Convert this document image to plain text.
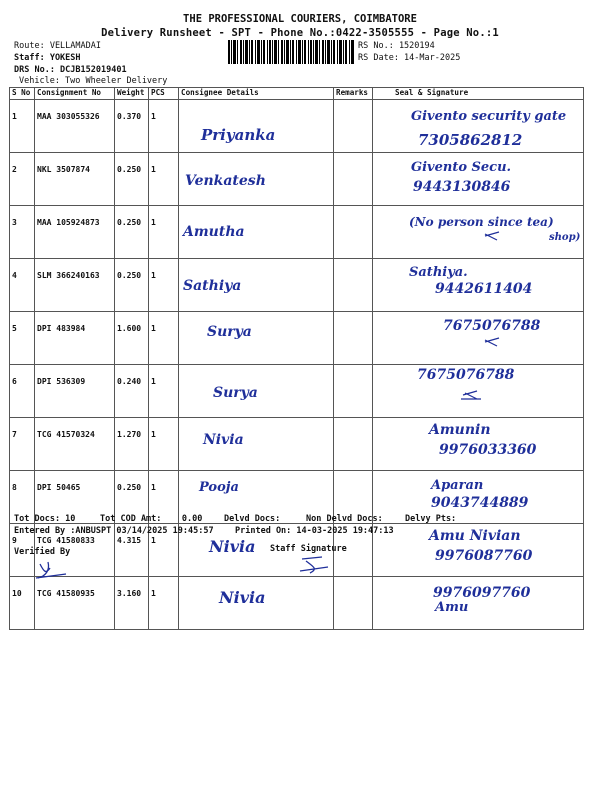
THE PROFESSIONAL COURIERS, COIMBATORE
Delivery Runsheet - SPT - Phone No.:0422-3505555 - Page No.:1
Route: VELLAMADAI
Staff: YOKESH
DRS No.: DCJB152019401
Vehicle: Two Wheeler Delivery
RS No.: 1520194
RS Date: 14-Mar-2025
S No	Consignment No	Weight	PCS	Consignee Details	Remarks	Seal & Signature
1	MAA 303055326	0.370	1	Priyanka		Givento security gate
7305862812

2	NKL 3507874	0.250	1	Venkatesh		Givento Secu.
9443130846

3	MAA 105924873	0.250	1	Amutha		(No person since tea)
shop)

4	SLM 366240163	0.250	1	Sathiya		Sathiya.
9442611404

5	DPI 483984	1.600	1	Surya		7675076788

6	DPI 536309	0.240	1	Surya		7675076788

7	TCG 41570324	1.270	1	Nivia		Amunin
9976033360

8	DPI 50465	0.250	1	Pooja		Aparan
9043744889

9	TCG 41580833	4.315	1	Nivia		Amu Nivian
9976087760

10	TCG 41580935	3.160	1	Nivia		9976097760
Amu
Tot Docs: 10	Tot COD Amt:    0.00	Delvd Docs:	Non Delvd Docs:	Delvy Pts:
Entered By :ANBUSPT 03/14/2025 19:45:57	Printed On: 14-03-2025 19:47:13
Verified By	Staff Signature
